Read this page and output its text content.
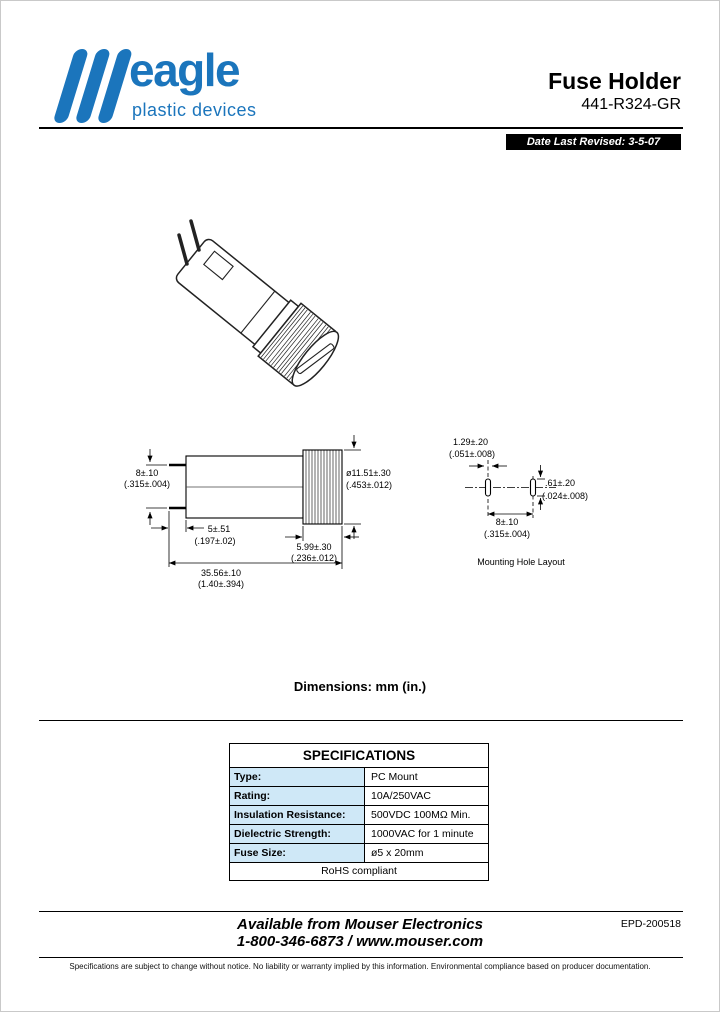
eagle
plastic devices
Fuse Holder
441-R324-GR
Date Last Revised: 3-5-07
8±.10
(.315±.004)
ø11.51±.30
(.453±.012)
5±.51
(.197±.02)
5.99±.30
(.236±.012)
35.56±.10
(1.40±.394)
1.29±.20
(.051±.008)
.61±.20
(.024±.008)
8±.10
(.315±.004)
Mounting Hole Layout
Dimensions: mm (in.)
SPECIFICATIONS
Type:	PC Mount
Rating:	10A/250VAC
Insulation Resistance:	500VDC 100MΩ Min.
Dielectric Strength:	1000VAC for 1 minute
Fuse Size:	ø5 x 20mm
RoHS compliant
Available from Mouser Electronics
1-800-346-6873 / www.mouser.com
EPD-200518
Specifications are subject to change without notice. No liability or warranty implied by this information. Environmental compliance based on producer documentation.
